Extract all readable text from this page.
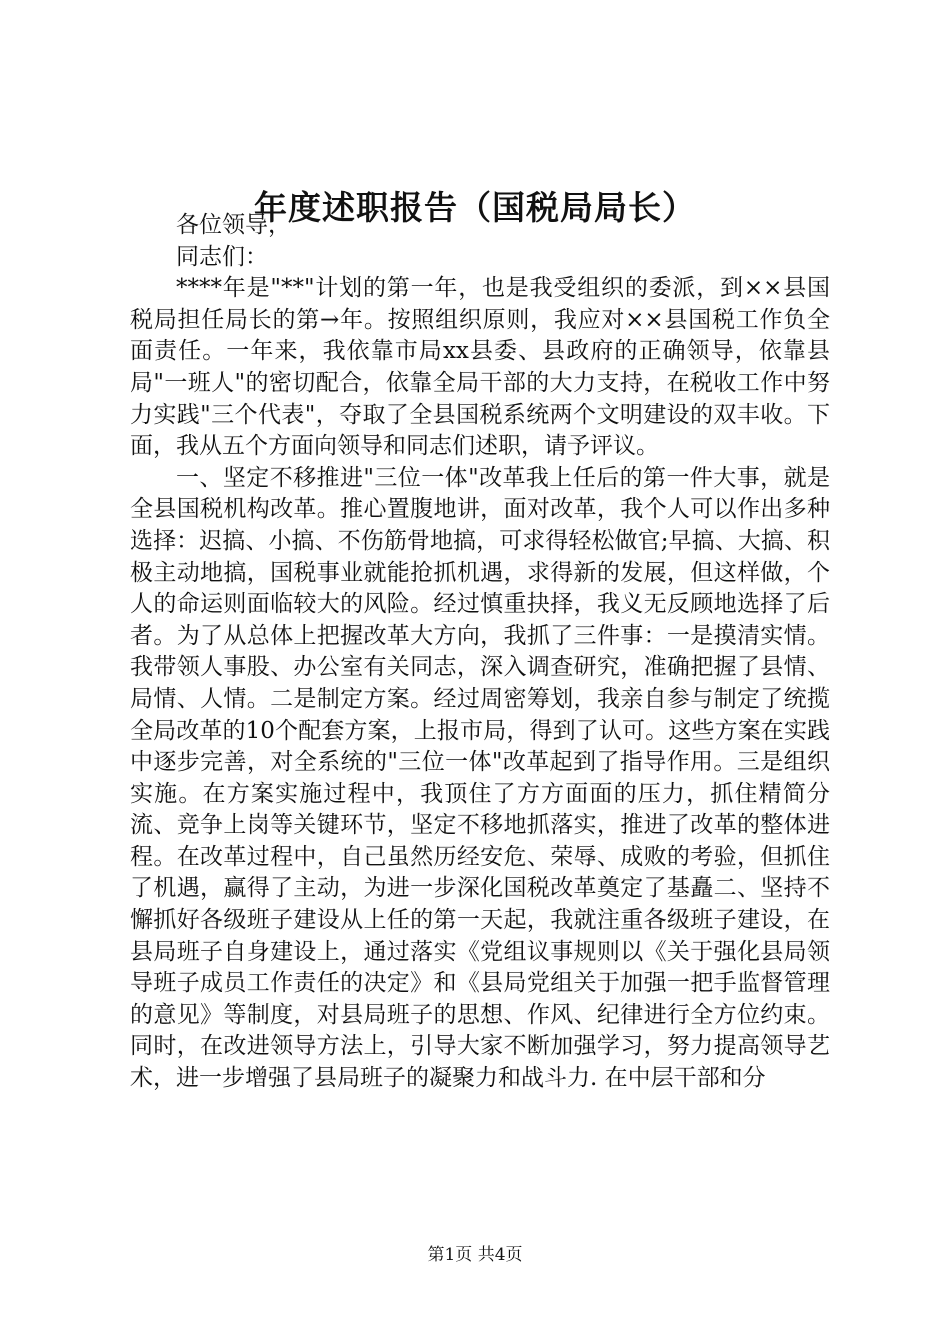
年度述职报告（国税局局长）

各位领导，

同志们：

****年是"**"计划的第一年，也是我受组织的委派，到××县国税局担任局长的第→年。按照组织原则，我应对××县国税工作负全面责任。一年来，我依靠市局xx县委、县政府的正确领导，依靠县局"一班人"的密切配合，依靠全局干部的大力支持，在税收工作中努力实践"三个代表"，夺取了全县国税系统两个文明建设的双丰收。下面，我从五个方面向领导和同志们述职，请予评议。

一、坚定不移推进"三位一体"改革我上任后的第一件大事，就是全县国税机构改革。推心置腹地讲，面对改革，我个人可以作出多种选择：迟搞、小搞、不伤筋骨地搞，可求得轻松做官;早搞、大搞、积极主动地搞，国税事业就能抢抓机遇，求得新的发展，但这样做，个人的命运则面临较大的风险。经过慎重抉择，我义无反顾地选择了后者。为了从总体上把握改革大方向，我抓了三件事：一是摸清实情。我带领人事股、办公室有关同志，深入调查研究，准确把握了县情、局情、人情。二是制定方案。经过周密筹划，我亲自参与制定了统揽全局改革的10个配套方案，上报市局，得到了认可。这些方案在实践中逐步完善，对全系统的"三位一体"改革起到了指导作用。三是组织实施。在方案实施过程中，我顶住了方方面面的压力，抓住精简分流、竞争上岗等关键环节，坚定不移地抓落实，推进了改革的整体进程。在改革过程中，自己虽然历经安危、荣辱、成败的考验，但抓住了机遇，赢得了主动，为进一步深化国税改革奠定了基矗二、坚持不懈抓好各级班子建设从上任的第一天起，我就注重各级班子建设，在县局班子自身建设上，通过落实《党组议事规则以《关于强化县局领导班子成员工作责任的决定》和《县局党组关于加强一把手监督管理的意见》等制度，对县局班子的思想、作风、纪律进行全方位约束。同时，在改进领导方法上，引导大家不断加强学习，努力提高领导艺术，进一步增强了县局班子的凝聚力和战斗力. 在中层干部和分

第1页 共4页
